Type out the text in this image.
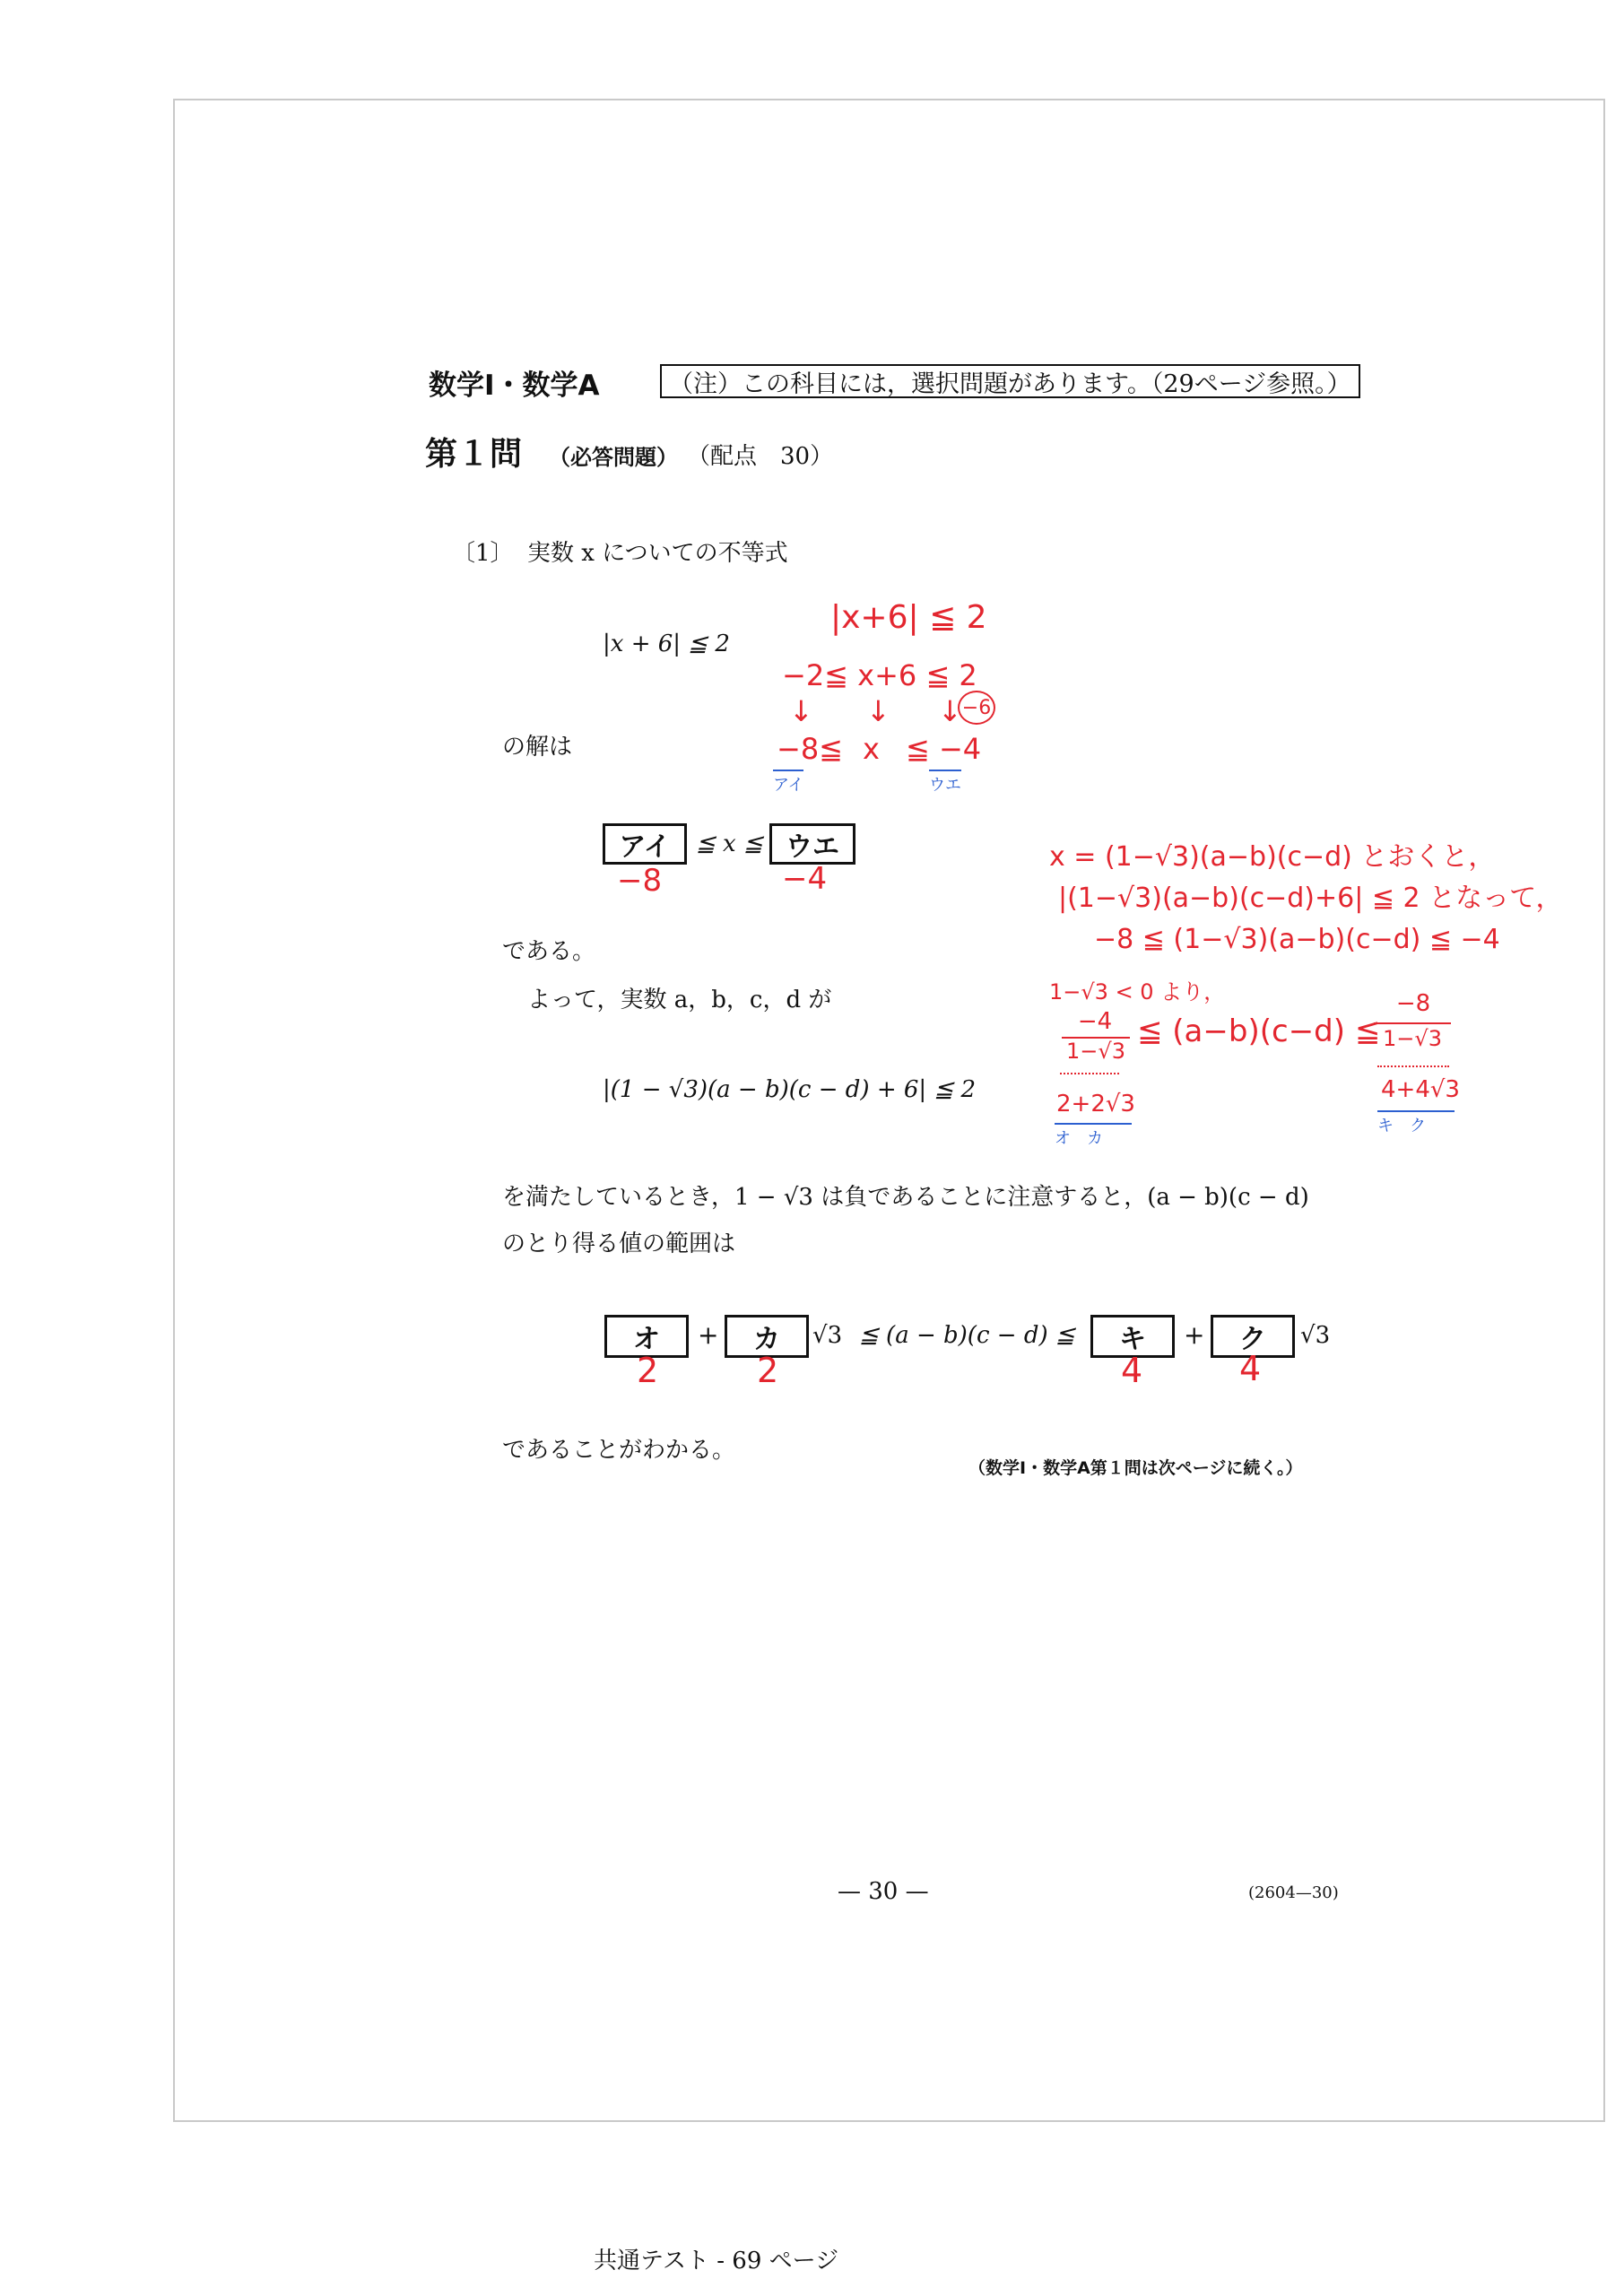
数学Ⅰ・数学A	（注）この科目には，選択問題があります。（29ページ参照。）
第１問 （必答問題） （配点　30）
〔1〕 実数 x についての不等式
|x + 6| ≦ 2
の解は
アイ ≦ x ≦ ウエ
である。
よって，実数 a，b，c，d が
|(1 − √3)(a − b)(c − d) + 6| ≦ 2
を満たしているとき，1 − √3 は負であることに注意すると，(a − b)(c − d)
のとり得る値の範囲は
オ + カ √3 ≦ (a − b)(c − d) ≦ キ + ク √3
であることがわかる。
（数学Ⅰ・数学A第１問は次ページに続く。）
— 30 —	(2604—30)
共通テスト - 69 ページ
|x+6| ≦ 2
−2≦ x+6 ≦ 2
↓ ↓ ↓ −6
−8≦ x ≦ −4
アイ	ウエ
−8	−4
x = (1−√3)(a−b)(c−d) とおくと，
|(1−√3)(a−b)(c−d)+6| ≦ 2 となって，
−8 ≦ (1−√3)(a−b)(c−d) ≦ −4
1−√3 < 0 より，
−4
1−√3
≦ (a−b)(c−d) ≦
−8
1−√3
2+2√3
4+4√3
オ　カ
キ　ク
2	2	4	4
